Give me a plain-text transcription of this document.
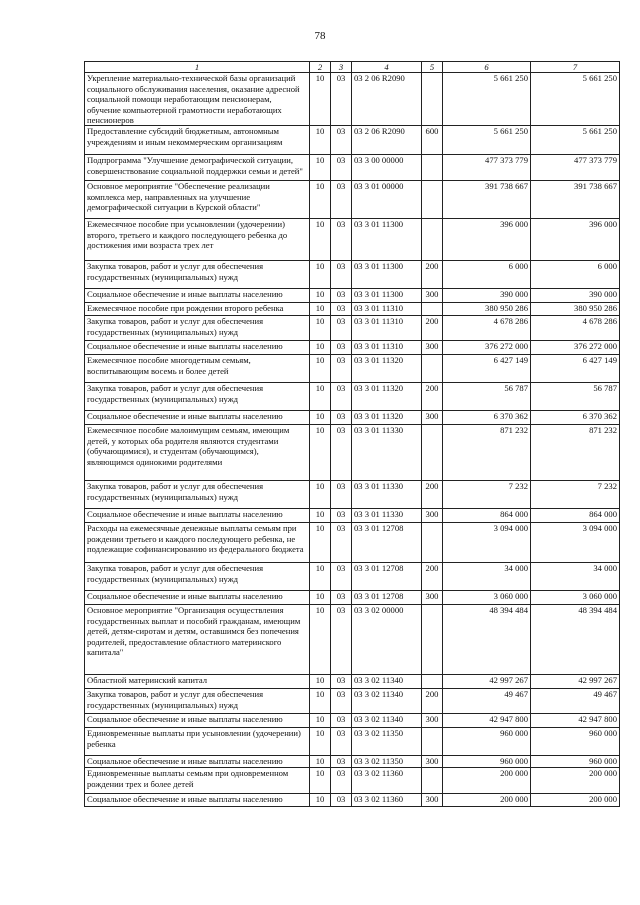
78
1	2	3	4	5	6	7
Укрепление материально-технической базы организаций социального обслуживания населения, оказание адресной социальной помощи неработающим пенсионерам, обучение компьютерной грамотности неработающих пенсионеров	10	03	03 2 06 R2090		5 661 250	5 661 250
Предоставление субсидий бюджетным, автономным учреждениям и иным некоммерческим организациям	10	03	03 2 06 R2090	600	5 661 250	5 661 250
Подпрограмма "Улучшение демографической ситуации, совершенствование социальной поддержки семьи и детей"	10	03	03 3 00 00000		477 373 779	477 373 779
Основное мероприятие "Обеспечение реализации комплекса мер, направленных на улучшение демографической ситуации в Курской области"	10	03	03 3 01 00000		391 738 667	391 738 667
Ежемесячное пособие при усыновлении (удочерении) второго, третьего и каждого последующего ребенка до достижения ими возраста трех лет	10	03	03 3 01 11300		396 000	396 000
Закупка товаров, работ и услуг для обеспечения государственных (муниципальных) нужд	10	03	03 3 01 11300	200	6 000	6 000
Социальное обеспечение и иные выплаты населению	10	03	03 3 01 11300	300	390 000	390 000
Ежемесячное пособие при рождении второго ребенка	10	03	03 3 01 11310		380 950 286	380 950 286
Закупка товаров, работ и услуг для обеспечения государственных (муниципальных) нужд	10	03	03 3 01 11310	200	4 678 286	4 678 286
Социальное обеспечение и иные выплаты населению	10	03	03 3 01 11310	300	376 272 000	376 272 000
Ежемесячное пособие многодетным семьям, воспитывающим восемь и более детей	10	03	03 3 01 11320		6 427 149	6 427 149
Закупка товаров, работ и услуг для обеспечения государственных (муниципальных) нужд	10	03	03 3 01 11320	200	56 787	56 787
Социальное обеспечение и иные выплаты населению	10	03	03 3 01 11320	300	6 370 362	6 370 362
Ежемесячное пособие малоимущим семьям, имеющим детей, у которых оба родителя являются студентами (обучающимися), и студентам (обучающимся), являющимся одинокими родителями	10	03	03 3 01 11330		871 232	871 232
Закупка товаров, работ и услуг для обеспечения государственных (муниципальных) нужд	10	03	03 3 01 11330	200	7 232	7 232
Социальное обеспечение и иные выплаты населению	10	03	03 3 01 11330	300	864 000	864 000
Расходы на ежемесячные денежные выплаты семьям при рождении третьего и каждого последующего ребенка, не подлежащие софинансированию из федерального бюджета	10	03	03 3 01 12708		3 094 000	3 094 000
Закупка товаров, работ и услуг для обеспечения государственных (муниципальных) нужд	10	03	03 3 01 12708	200	34 000	34 000
Социальное обеспечение и иные выплаты населению	10	03	03 3 01 12708	300	3 060 000	3 060 000
Основное мероприятие "Организация осуществления государственных выплат и пособий гражданам, имеющим детей, детям-сиротам и детям, оставшимся без попечения родителей, предоставление областного материнского капитала"	10	03	03 3 02 00000		48 394 484	48 394 484
Областной материнский капитал	10	03	03 3 02 11340		42 997 267	42 997 267
Закупка товаров, работ и услуг для обеспечения государственных (муниципальных) нужд	10	03	03 3 02 11340	200	49 467	49 467
Социальное обеспечение и иные выплаты населению	10	03	03 3 02 11340	300	42 947 800	42 947 800
Единовременные выплаты при усыновлении (удочерении) ребенка	10	03	03 3 02 11350		960 000	960 000
Социальное обеспечение и иные выплаты населению	10	03	03 3 02 11350	300	960 000	960 000
Единовременные выплаты семьям при одновременном рождении трех и более детей	10	03	03 3 02 11360		200 000	200 000
Социальное обеспечение и иные выплаты населению	10	03	03 3 02 11360	300	200 000	200 000
